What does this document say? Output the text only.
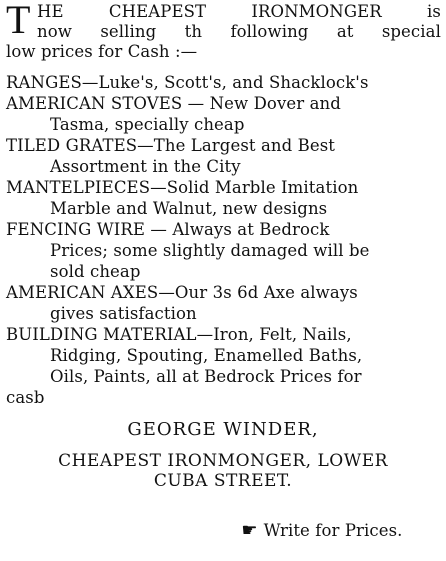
T HE	CHEAPEST	IRONMONGER	is
now selling th following at special
low prices for Cash :—
RANGES—Luke's, Scott's, and Shacklock's
AMERICAN STOVES — New Dover and
Tasma, specially cheap
TILED GRATES—The Largest and Best
Assortment in the City
MANTELPIECES—Solid Marble Imitation
Marble and Walnut, new designs
FENCING WIRE — Always at Bedrock
Prices; some slightly damaged will be
sold cheap
AMERICAN AXES—Our 3s 6d Axe always
gives satisfaction
BUILDING MATERIAL—Iron, Felt, Nails,
Ridging, Spouting, Enamelled Baths,
Oils, Paints, all at Bedrock Prices for
casb
GEORGE WINDER,
CHEAPEST IRONMONGER, LOWER
CUBA STREET.

☛ Write for Prices.
